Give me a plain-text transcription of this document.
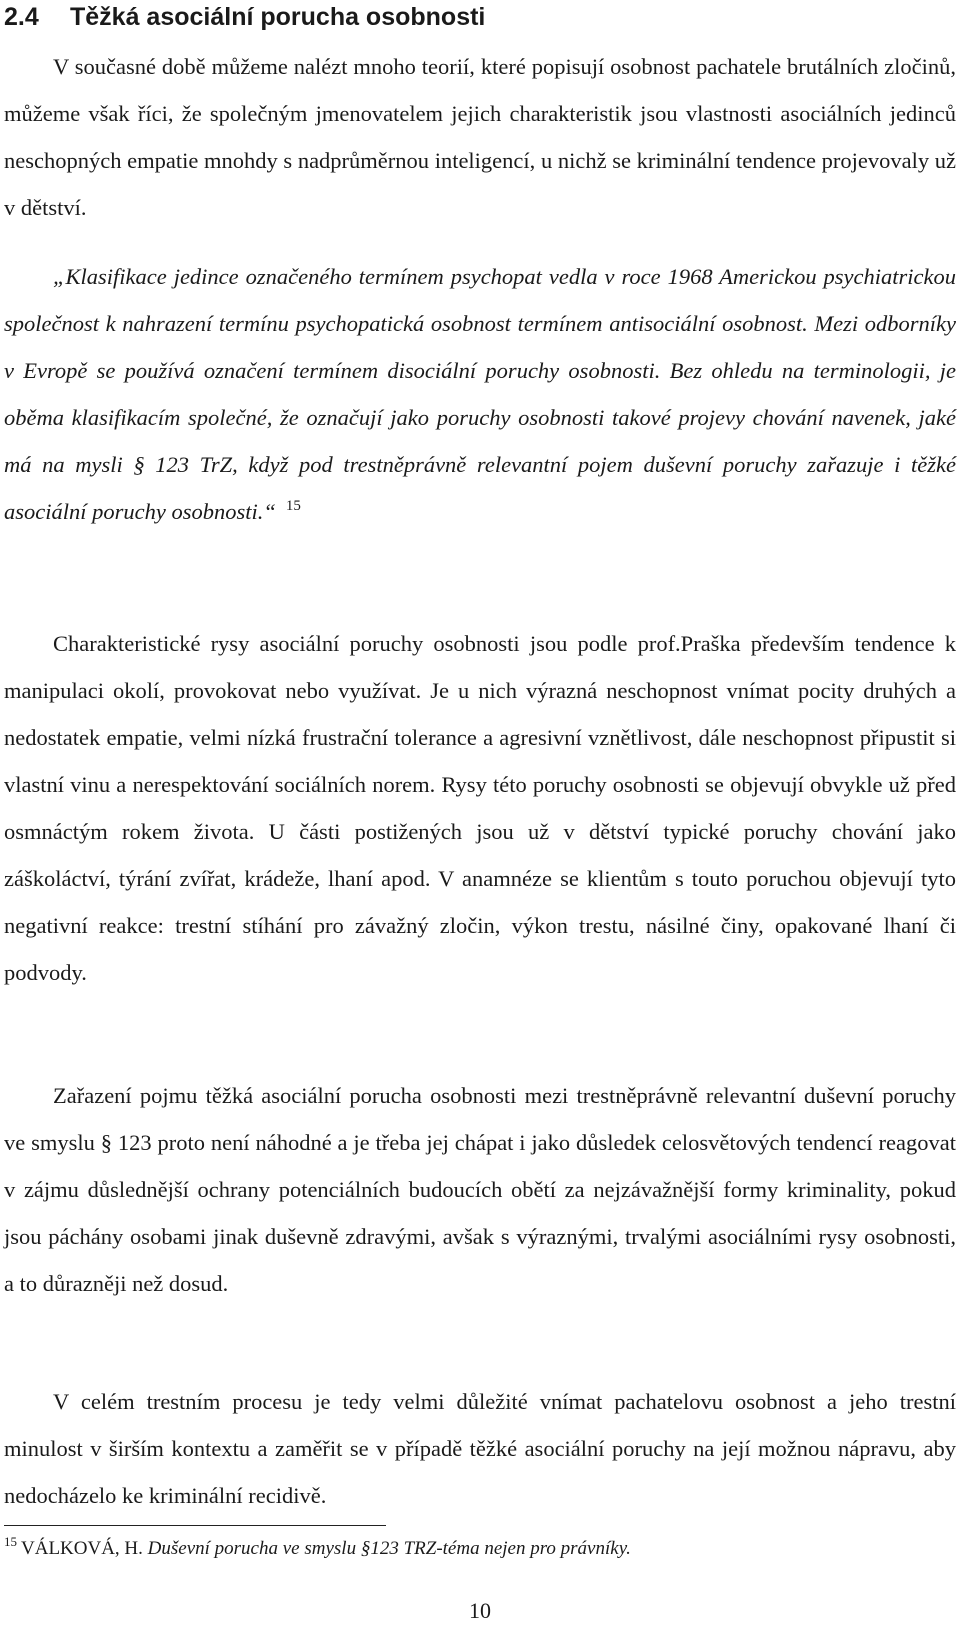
2.4 Těžká asociální porucha osobnosti

V současné době můžeme nalézt mnoho teorií, které popisují osobnost pachatele brutálních zločinů, můžeme však říci, že společným jmenovatelem jejich charakteristik jsou vlastnosti asociálních jedinců neschopných empatie mnohdy s nadprůměrnou inteligencí, u nichž se kriminální tendence projevovaly už v dětství.

„Klasifikace jedince označeného termínem psychopat vedla v roce 1968 Americkou psychiatrickou společnost k nahrazení termínu psychopatická osobnost termínem antisociální osobnost. Mezi odborníky v Evropě se používá označení termínem disociální poruchy osobnosti. Bez ohledu na terminologii, je oběma klasifikacím společné, že označují jako poruchy osobnosti takové projevy chování navenek, jaké má na mysli § 123 TrZ, když pod trestněprávně relevantní pojem duševní poruchy zařazuje i těžké asociální poruchy osobnosti.“ $^{15}$

Charakteristické rysy asociální poruchy osobnosti jsou podle prof.Praška především tendence k manipulaci okolí, provokovat nebo využívat. Je u nich výrazná neschopnost vnímat pocity druhých a nedostatek empatie, velmi nízká frustrační tolerance a agresivní vznětlivost, dále neschopnost připustit si vlastní vinu a nerespektování sociálních norem. Rysy této poruchy osobnosti se objevují obvykle už před osmnáctým rokem života. U části postižených jsou už v dětství typické poruchy chování jako záškoláctví, týrání zvířat, krádeže, lhaní apod. V anamnéze se klientům s touto poruchou objevují tyto negativní reakce: trestní stíhání pro závažný zločin, výkon trestu, násilné činy, opakované lhaní či podvody.

Zařazení pojmu těžká asociální porucha osobnosti mezi trestněprávně relevantní duševní poruchy ve smyslu § 123 proto není náhodné a je třeba jej chápat i jako důsledek celosvětových tendencí reagovat v zájmu důslednější ochrany potenciálních budoucích obětí za nejzávažnější formy kriminality, pokud jsou páchány osobami jinak duševně zdravými, avšak s výraznými, trvalými asociálními rysy osobnosti, a to důrazněji než dosud.

V celém trestním procesu je tedy velmi důležité vnímat pachatelovu osobnost a jeho trestní minulost v širším kontextu a zaměřit se v případě těžké asociální poruchy na její možnou nápravu, aby nedocházelo ke kriminální recidivě.

$^{15}$ VÁLKOVÁ, H. Duševní porucha ve smyslu §123 TRZ-téma nejen pro právníky.
10
